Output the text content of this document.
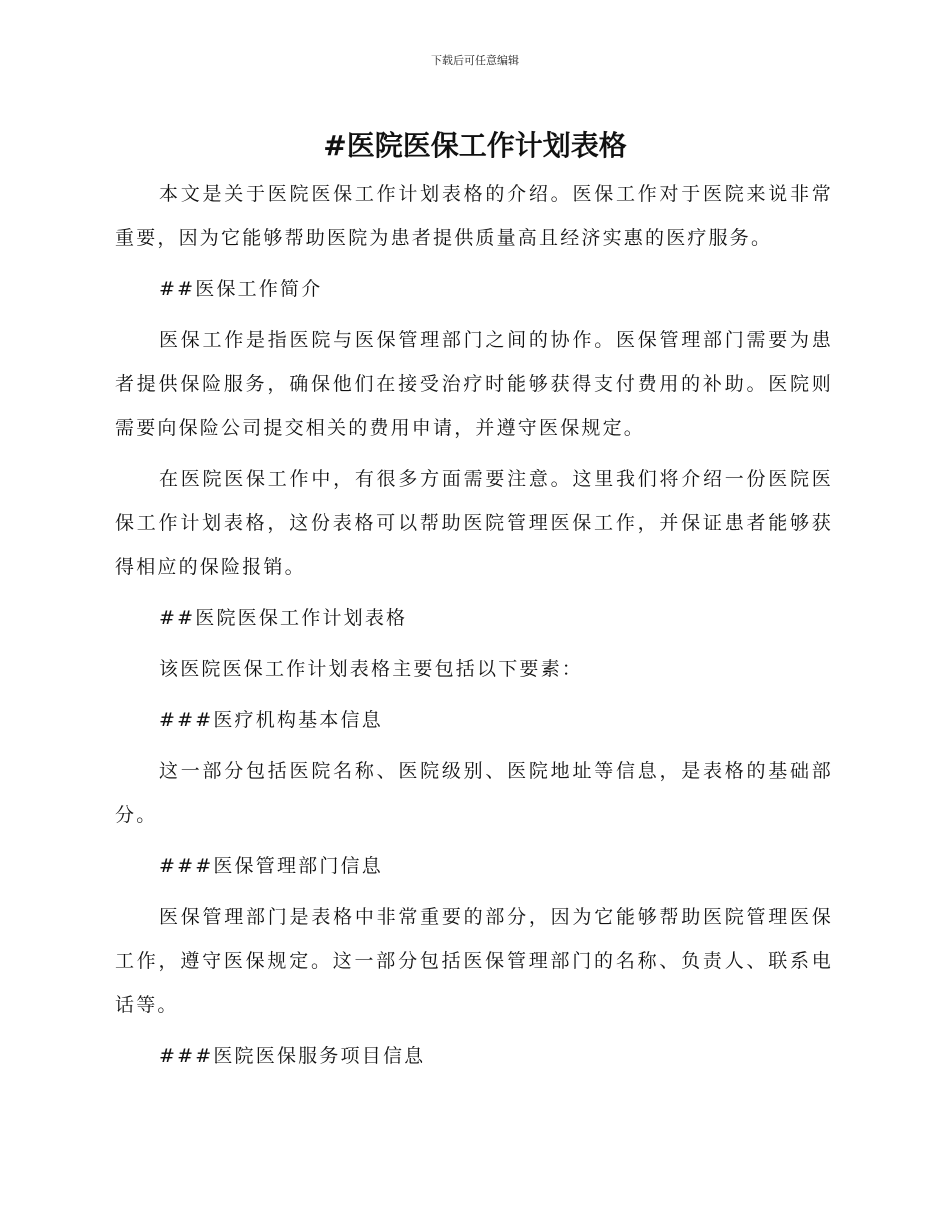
下载后可任意编辑
#医院医保工作计划表格

本文是关于医院医保工作计划表格的介绍。医保工作对于医院来说非常重要，因为它能够帮助医院为患者提供质量高且经济实惠的医疗服务。

##医保工作简介

医保工作是指医院与医保管理部门之间的协作。医保管理部门需要为患者提供保险服务，确保他们在接受治疗时能够获得支付费用的补助。医院则需要向保险公司提交相关的费用申请，并遵守医保规定。

在医院医保工作中，有很多方面需要注意。这里我们将介绍一份医院医保工作计划表格，这份表格可以帮助医院管理医保工作，并保证患者能够获得相应的保险报销。

##医院医保工作计划表格

该医院医保工作计划表格主要包括以下要素：

###医疗机构基本信息

这一部分包括医院名称、医院级别、医院地址等信息，是表格的基础部分。

###医保管理部门信息

医保管理部门是表格中非常重要的部分，因为它能够帮助医院管理医保工作，遵守医保规定。这一部分包括医保管理部门的名称、负责人、联系电话等。

###医院医保服务项目信息
